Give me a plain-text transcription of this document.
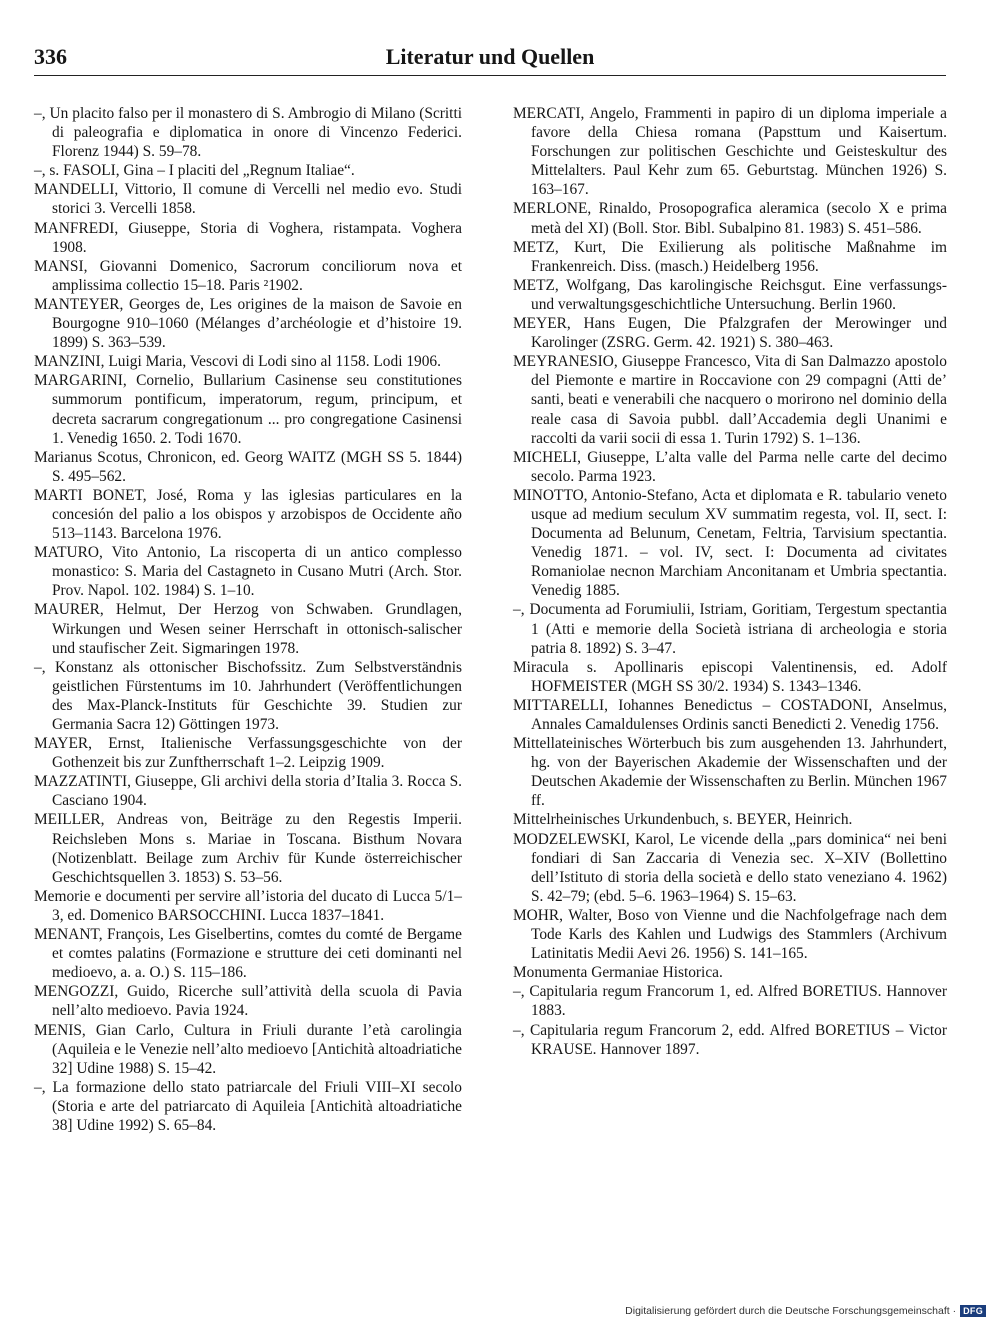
336	Literatur und Quellen

–, Un placito falso per il monastero di S. Ambrogio di Milano (Scritti di paleografia e diplomatica in onore di Vincenzo Federici. Florenz 1944) S. 59–78.

–, s. FASOLI, Gina – I placiti del „Regnum Italiae“.

MANDELLI, Vittorio, Il comune di Vercelli nel medio evo. Studi storici 3. Vercelli 1858.

MANFREDI, Giuseppe, Storia di Voghera, ristampata. Voghera 1908.

MANSI, Giovanni Domenico, Sacrorum conciliorum nova et amplissima collectio 15–18. Paris ²1902.

MANTEYER, Georges de, Les origines de la maison de Savoie en Bourgogne 910–1060 (Mélanges d’archéologie et d’histoire 19. 1899) S. 363–539.

MANZINI, Luigi Maria, Vescovi di Lodi sino al 1158. Lodi 1906.

MARGARINI, Cornelio, Bullarium Casinense seu constitutiones summorum pontificum, imperatorum, regum, principum, et decreta sacrarum congregationum ... pro congregatione Casinensi 1. Venedig 1650. 2. Todi 1670.

Marianus Scotus, Chronicon, ed. Georg WAITZ (MGH SS 5. 1844) S. 495–562.

MARTI BONET, José, Roma y las iglesias particulares en la concesión del palio a los obispos y arzobispos de Occidente año 513–1143. Barcelona 1976.

MATURO, Vito Antonio, La riscoperta di un antico complesso monastico: S. Maria del Castagneto in Cusano Mutri (Arch. Stor. Prov. Napol. 102. 1984) S. 1–10.

MAURER, Helmut, Der Herzog von Schwaben. Grundlagen, Wirkungen und Wesen seiner Herrschaft in ottonisch-salischer und staufischer Zeit. Sigmaringen 1978.

–, Konstanz als ottonischer Bischofssitz. Zum Selbstverständnis geistlichen Fürstentums im 10. Jahrhundert (Veröffentlichungen des Max-Planck-Instituts für Geschichte 39. Studien zur Germania Sacra 12) Göttingen 1973.

MAYER, Ernst, Italienische Verfassungsgeschichte von der Gothenzeit bis zur Zunftherrschaft 1–2. Leipzig 1909.

MAZZATINTI, Giuseppe, Gli archivi della storia d’Italia 3. Rocca S. Casciano 1904.

MEILLER, Andreas von, Beiträge zu den Regestis Imperii. Reichsleben Mons s. Mariae in Toscana. Bisthum Novara (Notizenblatt. Beilage zum Archiv für Kunde österreichischer Geschichtsquellen 3. 1853) S. 53–56.

Memorie e documenti per servire all’istoria del ducato di Lucca 5/1–3, ed. Domenico BARSOCCHINI. Lucca 1837–1841.

MENANT, François, Les Giselbertins, comtes du comté de Bergame et comtes palatins (Formazione e strutture dei ceti dominanti nel medioevo, a. a. O.) S. 115–186.

MENGOZZI, Guido, Ricerche sull’attività della scuola di Pavia nell’alto medioevo. Pavia 1924.

MENIS, Gian Carlo, Cultura in Friuli durante l’età carolingia (Aquileia e le Venezie nell’alto medioevo [Antichità altoadriatiche 32] Udine 1988) S. 15–42.

–, La formazione dello stato patriarcale del Friuli VIII–XI secolo (Storia e arte del patriarcato di Aquileia [Antichità altoadriatiche 38] Udine 1992) S. 65–84.

MERCATI, Angelo, Frammenti in papiro di un diploma imperiale a favore della Chiesa romana (Papsttum und Kaisertum. Forschungen zur politischen Geschichte und Geisteskultur des Mittelalters. Paul Kehr zum 65. Geburtstag. München 1926) S. 163–167.

MERLONE, Rinaldo, Prosopografica aleramica (secolo X e prima metà del XI) (Boll. Stor. Bibl. Subalpino 81. 1983) S. 451–586.

METZ, Kurt, Die Exilierung als politische Maßnahme im Frankenreich. Diss. (masch.) Heidelberg 1956.

METZ, Wolfgang, Das karolingische Reichsgut. Eine verfassungs- und verwaltungsgeschichtliche Untersuchung. Berlin 1960.

MEYER, Hans Eugen, Die Pfalzgrafen der Merowinger und Karolinger (ZSRG. Germ. 42. 1921) S. 380–463.

MEYRANESIO, Giuseppe Francesco, Vita di San Dalmazzo apostolo del Piemonte e martire in Roccavione con 29 compagni (Atti de’ santi, beati e venerabili che nacquero o morirono nel dominio della reale casa di Savoia pubbl. dall’Accademia degli Unanimi e raccolti da varii socii di essa 1. Turin 1792) S. 1–136.

MICHELI, Giuseppe, L’alta valle del Parma nelle carte del decimo secolo. Parma 1923.

MINOTTO, Antonio-Stefano, Acta et diplomata e R. tabulario veneto usque ad medium seculum XV summatim regesta, vol. II, sect. I: Documenta ad Belunum, Cenetam, Feltria, Tarvisium spectantia. Venedig 1871. – vol. IV, sect. I: Documenta ad civitates Romaniolae necnon Marchiam Anconitanam et Umbria spectantia. Venedig 1885.

–, Documenta ad Forumiulii, Istriam, Goritiam, Tergestum spectantia 1 (Atti e memorie della Società istriana di archeologia e storia patria 8. 1892) S. 3–47.

Miracula s. Apollinaris episcopi Valentinensis, ed. Adolf HOFMEISTER (MGH SS 30/2. 1934) S. 1343–1346.

MITTARELLI, Iohannes Benedictus – COSTADONI, Anselmus, Annales Camaldulenses Ordinis sancti Benedicti 2. Venedig 1756.

Mittellateinisches Wörterbuch bis zum ausgehenden 13. Jahrhundert, hg. von der Bayerischen Akademie der Wissenschaften und der Deutschen Akademie der Wissenschaften zu Berlin. München 1967 ff.

Mittelrheinisches Urkundenbuch, s. BEYER, Heinrich.

MODZELEWSKI, Karol, Le vicende della „pars dominica“ nei beni fondiari di San Zaccaria di Venezia sec. X–XIV (Bollettino dell’Istituto di storia della società e dello stato veneziano 4. 1962) S. 42–79; (ebd. 5–6. 1963–1964) S. 15–63.

MOHR, Walter, Boso von Vienne und die Nachfolgefrage nach dem Tode Karls des Kahlen und Ludwigs des Stammlers (Archivum Latinitatis Medii Aevi 26. 1956) S. 141–165.

Monumenta Germaniae Historica.

–, Capitularia regum Francorum 1, ed. Alfred BORETIUS. Hannover 1883.

–, Capitularia regum Francorum 2, edd. Alfred BORETIUS – Victor KRAUSE. Hannover 1897.

Digitalisierung gefördert durch die Deutsche Forschungsgemeinschaft · DFG
